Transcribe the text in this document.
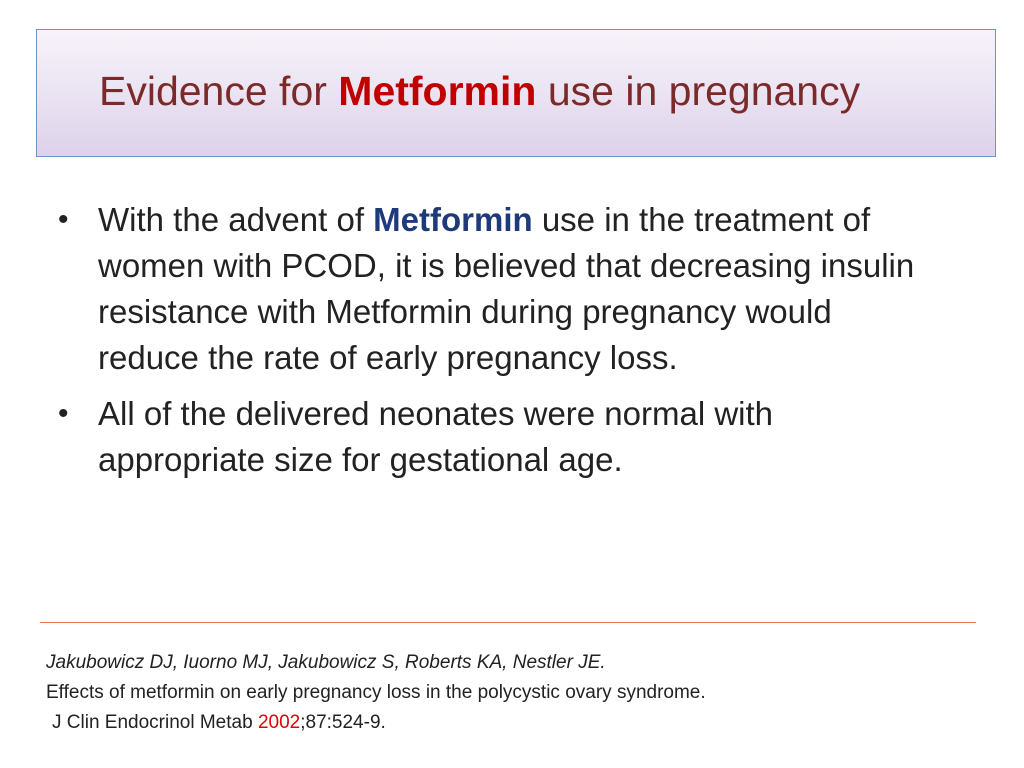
Evidence for Metformin use in pregnancy
• With the advent of Metformin use in the treatment of women with PCOD, it is believed that decreasing insulin resistance with Metformin during pregnancy would reduce the rate of early pregnancy loss.
• All of the delivered neonates were normal with appropriate size for gestational age.
Jakubowicz DJ, Iuorno MJ, Jakubowicz S, Roberts KA, Nestler JE.
Effects of metformin on early pregnancy loss in the polycystic ovary syndrome.
J Clin Endocrinol Metab 2002;87:524-9.
